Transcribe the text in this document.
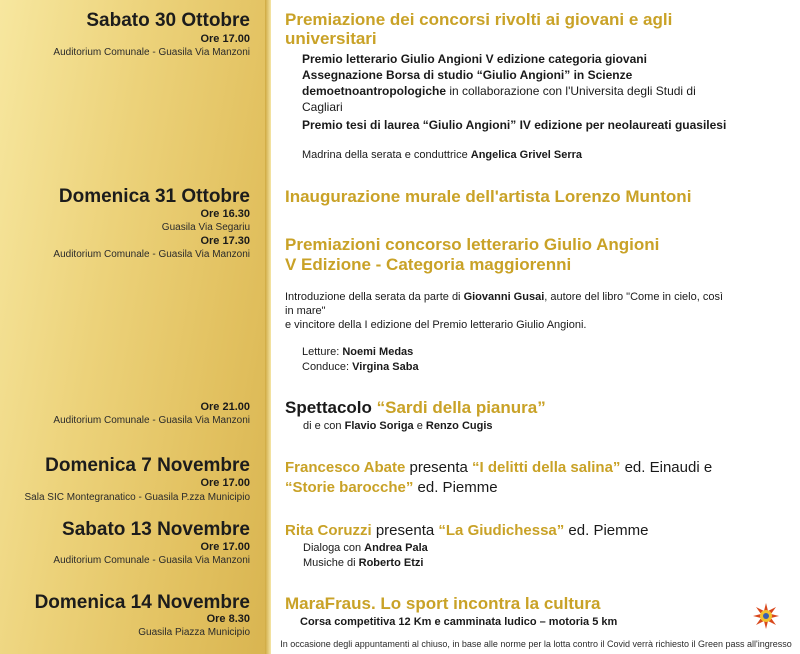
Sabato 30 Ottobre
Ore 17.00
Auditorium Comunale - Guasila Via Manzoni
Premiazione dei concorsi rivolti ai giovani e agli universitari
Premio letterario Giulio Angioni V edizione categoria giovani
Assegnazione Borsa di studio “Giulio Angioni” in Scienze
demoetnoantropologiche in collaborazione con l'Universita degli Studi di
Cagliari
Premio tesi di laurea “Giulio Angioni” IV edizione per neolaureati guasilesi
Madrina della serata e conduttrice Angelica Grivel Serra
Domenica 31 Ottobre
Ore 16.30
Guasila Via Segariu
Ore 17.30
Auditorium Comunale - Guasila Via Manzoni
Inaugurazione murale dell'artista Lorenzo Muntoni
Premiazioni concorso letterario Giulio Angioni
V Edizione - Categoria maggiorenni
Introduzione della serata da parte di Giovanni Gusai, autore del libro "Come in cielo, così
in mare"
e vincitore della I edizione del Premio letterario Giulio Angioni.
Letture: Noemi Medas
Conduce: Virgina Saba
Ore 21.00
Auditorium Comunale - Guasila Via Manzoni
Spettacolo “Sardi della pianura”
di e con Flavio Soriga e Renzo Cugis
Domenica 7 Novembre
Ore 17.00
Sala SIC Montegranatico - Guasila P.zza Municipio
Francesco Abate presenta “I delitti della salina” ed. Einaudi e
“Storie barocche” ed. Piemme
Sabato 13 Novembre
Ore 17.00
Auditorium Comunale - Guasila Via Manzoni
Rita Coruzzi presenta “La Giudichessa” ed. Piemme
Dialoga con Andrea Pala
Musiche di Roberto Etzi
Domenica 14 Novembre
Ore 8.30
Guasila Piazza Municipio
MaraFraus. Lo sport incontra la cultura
Corsa competitiva 12 Km e camminata ludico – motoria 5 km
In occasione degli appuntamenti al chiuso, in base alle norme per la lotta contro il Covid verrà richiesto il Green pass all'ingresso
